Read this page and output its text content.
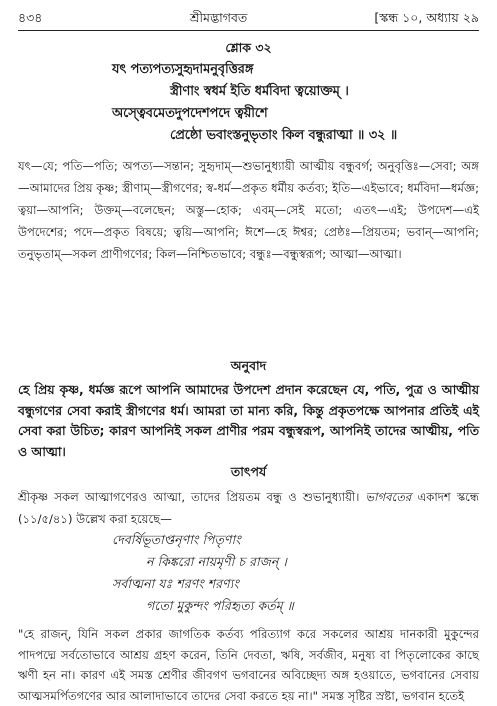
৪৩৪	শ্রীমদ্ভাগবত	[স্কন্ধ ১০, অধ্যায় ২৯
শ্লোক ৩২
যৎ পত্যপত্যসুহৃদামনুবৃত্তিরঙ্গ
স্ত্রীণাং স্বধর্ম ইতি ধর্মবিদা ত্বয়োক্তম্ ।
অস্ত্বেবমেতদুপদেশপদে ত্বয়ীশে
প্রেষ্ঠো ভবাংস্তনুভৃতাং কিল বন্ধুরাত্মা ॥ ৩২ ॥
যৎ—যে; পতি—পতি; অপত্য—সন্তান; সুহৃদাম্—শুভানুধ্যায়ী আত্মীয় বন্ধুবর্গ; অনুবৃত্তিঃ—সেবা; অঙ্গ—আমাদের প্রিয় কৃষ্ণ; স্ত্রীণাম্—স্ত্রীগণের; স্ব-ধর্ম—প্রকৃত ধর্মীয় কর্তব্য; ইতি—এইভাবে; ধর্মবিদা—ধর্মজ্ঞ; ত্বয়া—আপনি; উক্তম্—বলেছেন; অস্তু—হোক; এবম্—সেই মতো; এতৎ—এই; উপদেশ—এই উপদেশের; পদে—প্রকৃত বিষয়ে; ত্বয়ি—আপনি; ঈশে—হে ঈশ্বর; প্রেষ্ঠঃ—প্রিয়তম; ভবান্—আপনি; তনুভৃতাম্—সকল প্রাণীগণের; কিল—নিশ্চিতভাবে; বন্ধুঃ—বন্ধুস্বরূপ; আত্মা—আত্মা।
অনুবাদ
হে প্রিয় কৃষ্ণ, ধর্মজ্ঞ রূপে আপনি আমাদের উপদেশ প্রদান করেছেন যে, পতি, পুত্র ও আত্মীয় বন্ধুগণের সেবা করাই স্ত্রীগণের ধর্ম। আমরা তা মান্য করি, কিন্তু প্রকৃতপক্ষে আপনার প্রতিই এই সেবা করা উচিত; কারণ আপনিই সকল প্রাণীর পরম বন্ধুস্বরূপ, আপনিই তাদের আত্মীয়, পতি ও আত্মা।
তাৎপর্য
শ্রীকৃষ্ণ সকল আত্মাগণেরও আত্মা, তাদের প্রিয়তম বন্ধু ও শুভানুধ্যায়ী। ভাগবতের একাদশ স্কন্ধে (১১/৫/৪১) উল্লেখ করা হয়েছে—
দেবর্ষিভূতাপ্তনৃণাং পিতৃণাং
ন কিঙ্করো নায়মৃণী চ রাজন্ ।
সর্বাত্মনা যঃ শরণং শরণ্যং
গতো মুকুন্দং পরিহৃত্য কর্তম্ ॥
"হে রাজন্, যিনি সকল প্রকার জাগতিক কর্তব্য পরিত্যাগ করে সকলের আশ্রয় দানকারী মুকুন্দের পাদপদ্মে সর্বতোভাবে আশ্রয় গ্রহণ করেন, তিনি দেবতা, ঋষি, সর্বজীব, মনুষ্য বা পিতৃলোকের কাছে ঋণী হন না। কারণ এই সমস্ত শ্রেণীর জীবগণ ভগবানের অবিচ্ছেদ্য অঙ্গ হওয়াতে, ভগবানের সেবায় আত্মসমর্পিতগণের আর আলাদাভাবে তাদের সেবা করতে হয় না।" সমস্ত সৃষ্টির স্রষ্টা, ভগবান হতেই
